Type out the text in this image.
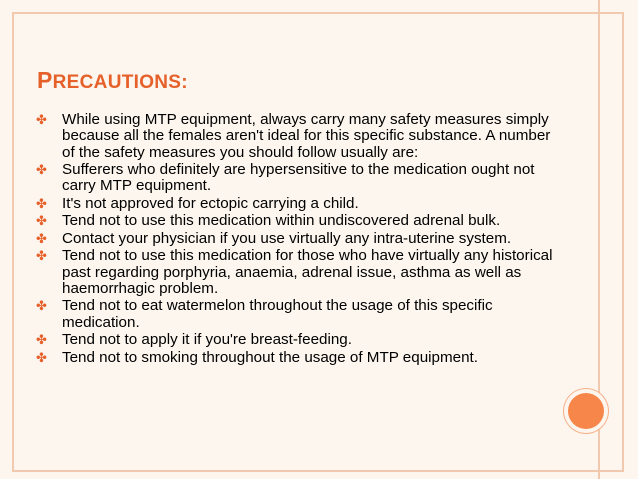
PRECAUTIONS:
✤ While using MTP equipment, always carry many safety measures simply because all the females aren't ideal for this specific substance. A number of the safety measures you should follow usually are:
✤ Sufferers who definitely are hypersensitive to the medication ought not carry MTP equipment.
✤ It's not approved for ectopic carrying a child.
✤ Tend not to use this medication within undiscovered adrenal bulk.
✤ Contact your physician if you use virtually any intra-uterine system.
✤ Tend not to use this medication for those who have virtually any historical past regarding porphyria, anaemia, adrenal issue, asthma as well as haemorrhagic problem.
✤ Tend not to eat watermelon throughout the usage of this specific medication.
✤ Tend not to apply it if you're breast-feeding.
✤ Tend not to smoking throughout the usage of MTP equipment.
